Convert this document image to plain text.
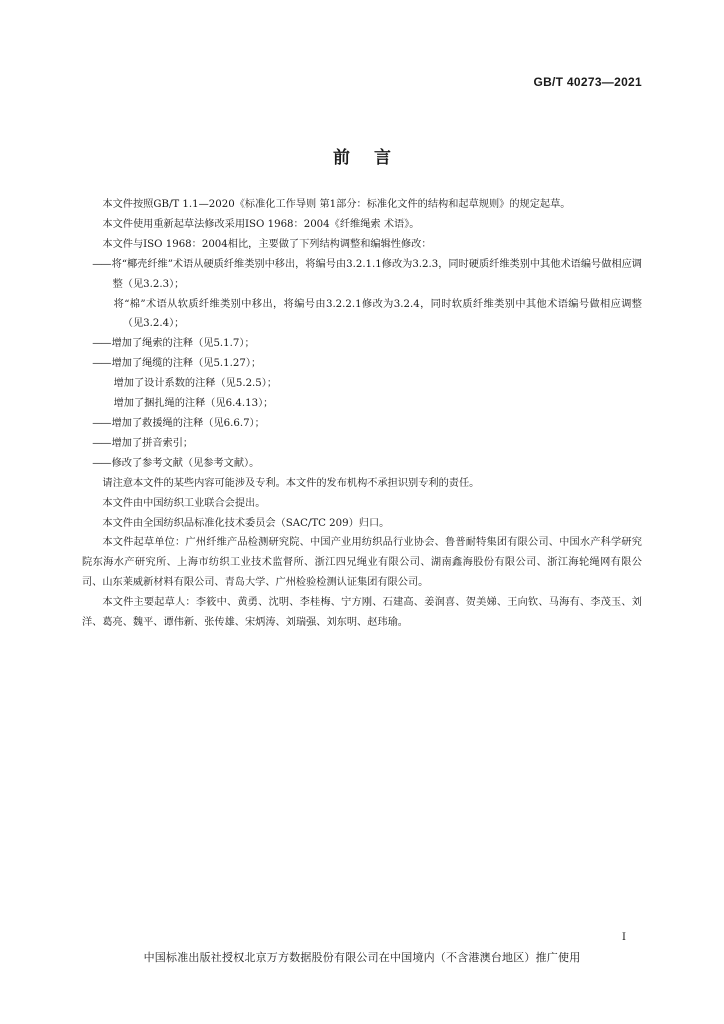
GB/T 40273—2021
前言

本文件按照GB/T 1.1—2020《标准化工作导则 第1部分：标准化文件的结构和起草规则》的规定起草。

本文件使用重新起草法修改采用ISO 1968：2004《纤维绳索 术语》。

本文件与ISO 1968：2004相比，主要做了下列结构调整和编辑性修改：

——将“椰壳纤维”术语从硬质纤维类别中移出，将编号由3.2.1.1修改为3.2.3，同时硬质纤维类别中其他术语编号做相应调整（见3.2.3）；

将“棉”术语从软质纤维类别中移出，将编号由3.2.2.1修改为3.2.4，同时软质纤维类别中其他术语编号做相应调整（见3.2.4）；

——增加了绳索的注释（见5.1.7）；

——增加了绳缆的注释（见5.1.27）；

增加了设计系数的注释（见5.2.5）；

增加了捆扎绳的注释（见6.4.13）；

——增加了救援绳的注释（见6.6.7）；

——增加了拼音索引；

——修改了参考文献（见参考文献）。

请注意本文件的某些内容可能涉及专利。本文件的发布机构不承担识别专利的责任。

本文件由中国纺织工业联合会提出。

本文件由全国纺织品标准化技术委员会（SAC/TC 209）归口。

本文件起草单位：广州纤维产品检测研究院、中国产业用纺织品行业协会、鲁普耐特集团有限公司、中国水产科学研究院东海水产研究所、上海市纺织工业技术监督所、浙江四兄绳业有限公司、湖南鑫海股份有限公司、浙江海轮绳网有限公司、山东莱威新材料有限公司、青岛大学、广州检验检测认证集团有限公司。

本文件主要起草人：李筱中、黄勇、沈明、李桂梅、宁方刚、石建高、姜润喜、贺美娣、王向钦、马海有、李茂玉、刘洋、葛亮、魏平、谭伟新、张传雄、宋炳涛、刘瑞强、刘东明、赵玮瑜。

I
中国标准出版社授权北京万方数据股份有限公司在中国境内（不含港澳台地区）推广使用
